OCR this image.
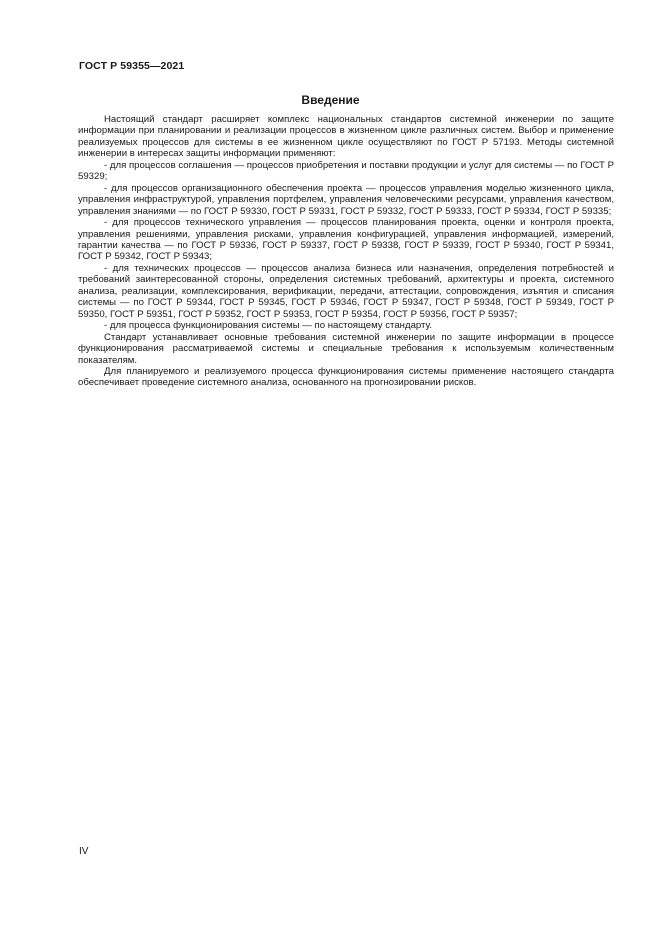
ГОСТ Р 59355—2021
Введение

Настоящий стандарт расширяет комплекс национальных стандартов системной инженерии по защите информации при планировании и реализации процессов в жизненном цикле различных систем. Выбор и применение реализуемых процессов для системы в ее жизненном цикле осуществляют по ГОСТ Р 57193. Методы системной инженерии в интересах защиты информации применяют:

- для процессов соглашения — процессов приобретения и поставки продукции и услуг для системы — по ГОСТ Р 59329;

- для процессов организационного обеспечения проекта — процессов управления моделью жизненного цикла, управления инфраструктурой, управления портфелем, управления человеческими ресурсами, управления качеством, управления знаниями — по ГОСТ Р 59330, ГОСТ Р 59331, ГОСТ Р 59332, ГОСТ Р 59333, ГОСТ Р 59334, ГОСТ Р 59335;

- для процессов технического управления — процессов планирования проекта, оценки и контроля проекта, управления решениями, управления рисками, управления конфигурацией, управления информацией, измерений, гарантии качества — по ГОСТ Р 59336, ГОСТ Р 59337, ГОСТ Р 59338, ГОСТ Р 59339, ГОСТ Р 59340, ГОСТ Р 59341, ГОСТ Р 59342, ГОСТ Р 59343;

- для технических процессов — процессов анализа бизнеса или назначения, определения потребностей и требований заинтересованной стороны, определения системных требований, архитектуры и проекта, системного анализа, реализации, комплексирования, верификации, передачи, аттестации, сопровождения, изъятия и списания системы — по ГОСТ Р 59344, ГОСТ Р 59345, ГОСТ Р 59346, ГОСТ Р 59347, ГОСТ Р 59348, ГОСТ Р 59349, ГОСТ Р 59350, ГОСТ Р 59351, ГОСТ Р 59352, ГОСТ Р 59353, ГОСТ Р 59354, ГОСТ Р 59356, ГОСТ Р 59357;

- для процесса функционирования системы — по настоящему стандарту.

Стандарт устанавливает основные требования системной инженерии по защите информации в процессе функционирования рассматриваемой системы и специальные требования к используемым количественным показателям.

Для планируемого и реализуемого процесса функционирования системы применение настоящего стандарта обеспечивает проведение системного анализа, основанного на прогнозировании рисков.

IV
